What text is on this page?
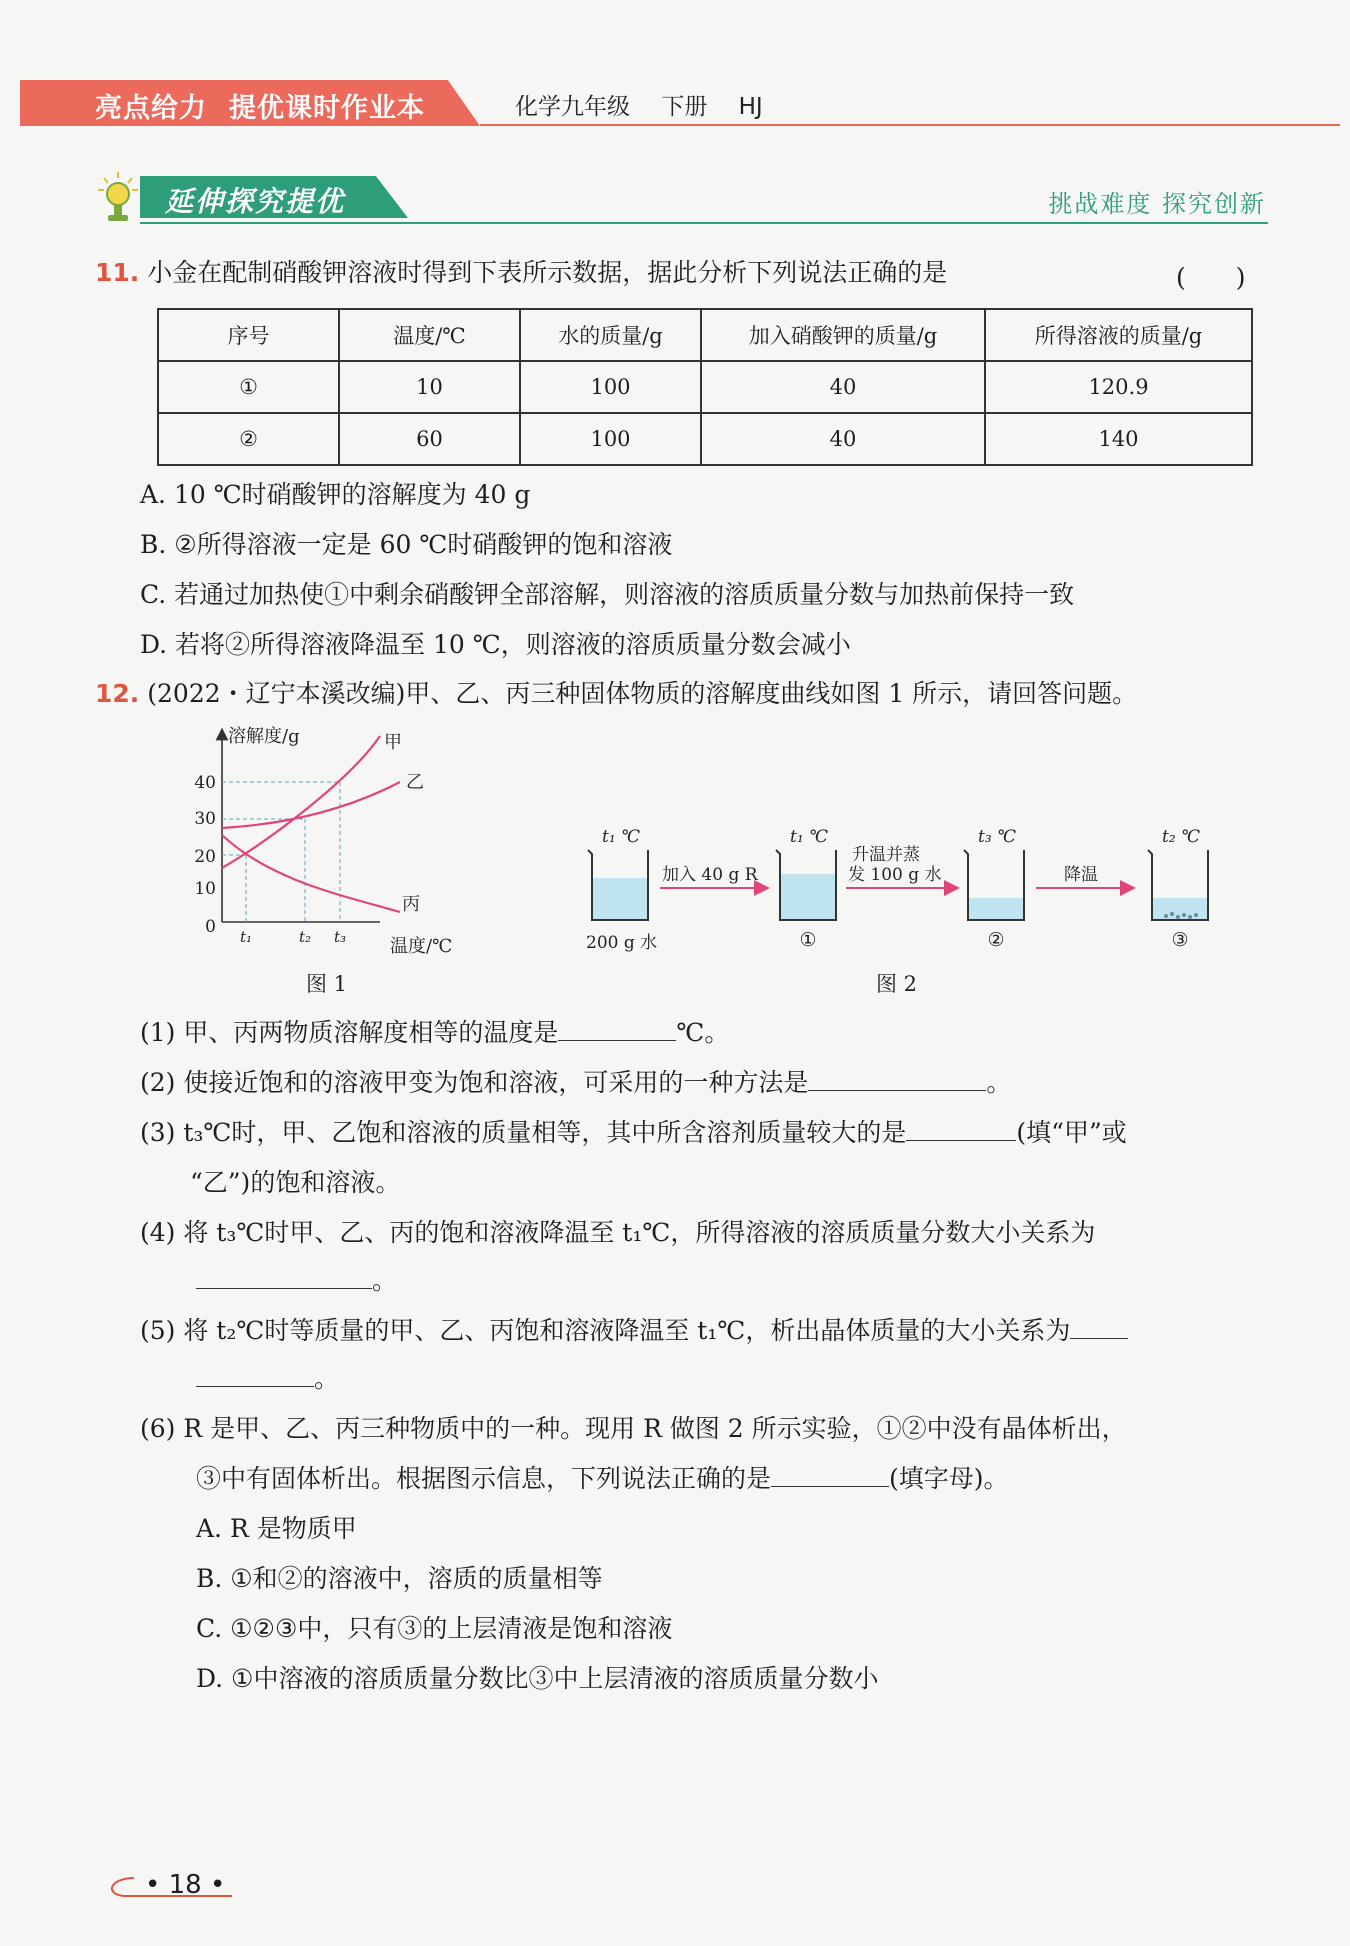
亮点给力 提优课时作业本	化学九年级 下册 HJ
延伸探究提优	挑战难度 探究创新
11. 小金在配制硝酸钾溶液时得到下表所示数据，据此分析下列说法正确的是	(　　)
序号	温度/℃	水的质量/g	加入硝酸钾的质量/g	所得溶液的质量/g
①	10	100	40	120.9
②	60	100	40	140
A. 10 ℃时硝酸钾的溶解度为 40 g
B. ②所得溶液一定是 60 ℃时硝酸钾的饱和溶液
C. 若通过加热使①中剩余硝酸钾全部溶解，则溶液的溶质质量分数与加热前保持一致
D. 若将②所得溶液降温至 10 ℃，则溶液的溶质质量分数会减小
12. (2022・辽宁本溪改编)甲、乙、丙三种固体物质的溶解度曲线如图 1 所示，请回答问题。
40
30
20
10
0 t₁	t₂ t₃
溶解度/g
温度/℃
甲
乙
丙
图 1
t₁ ℃	t₁ ℃	t₃ ℃	t₂ ℃
200 g 水
加入 40 g R
升温并蒸
发 100 g 水	降温
①	②	③
图 2
(1) 甲、丙两物质溶解度相等的温度是	℃。
(2) 使接近饱和的溶液甲变为饱和溶液，可采用的一种方法是	。
(3) t₃℃时，甲、乙饱和溶液的质量相等，其中所含溶剂质量较大的是	(填“甲”或
“乙”)的饱和溶液。
(4) 将 t₃℃时甲、乙、丙的饱和溶液降温至 t₁℃，所得溶液的溶质质量分数大小关系为
。
(5) 将 t₂℃时等质量的甲、乙、丙饱和溶液降温至 t₁℃，析出晶体质量的大小关系为
。
(6) R 是甲、乙、丙三种物质中的一种。现用 R 做图 2 所示实验，①②中没有晶体析出，
③中有固体析出。根据图示信息，下列说法正确的是	(填字母)。
A. R 是物质甲
B. ①和②的溶液中，溶质的质量相等
C. ①②③中，只有③的上层清液是饱和溶液
D. ①中溶液的溶质质量分数比③中上层清液的溶质质量分数小
• 18 •
